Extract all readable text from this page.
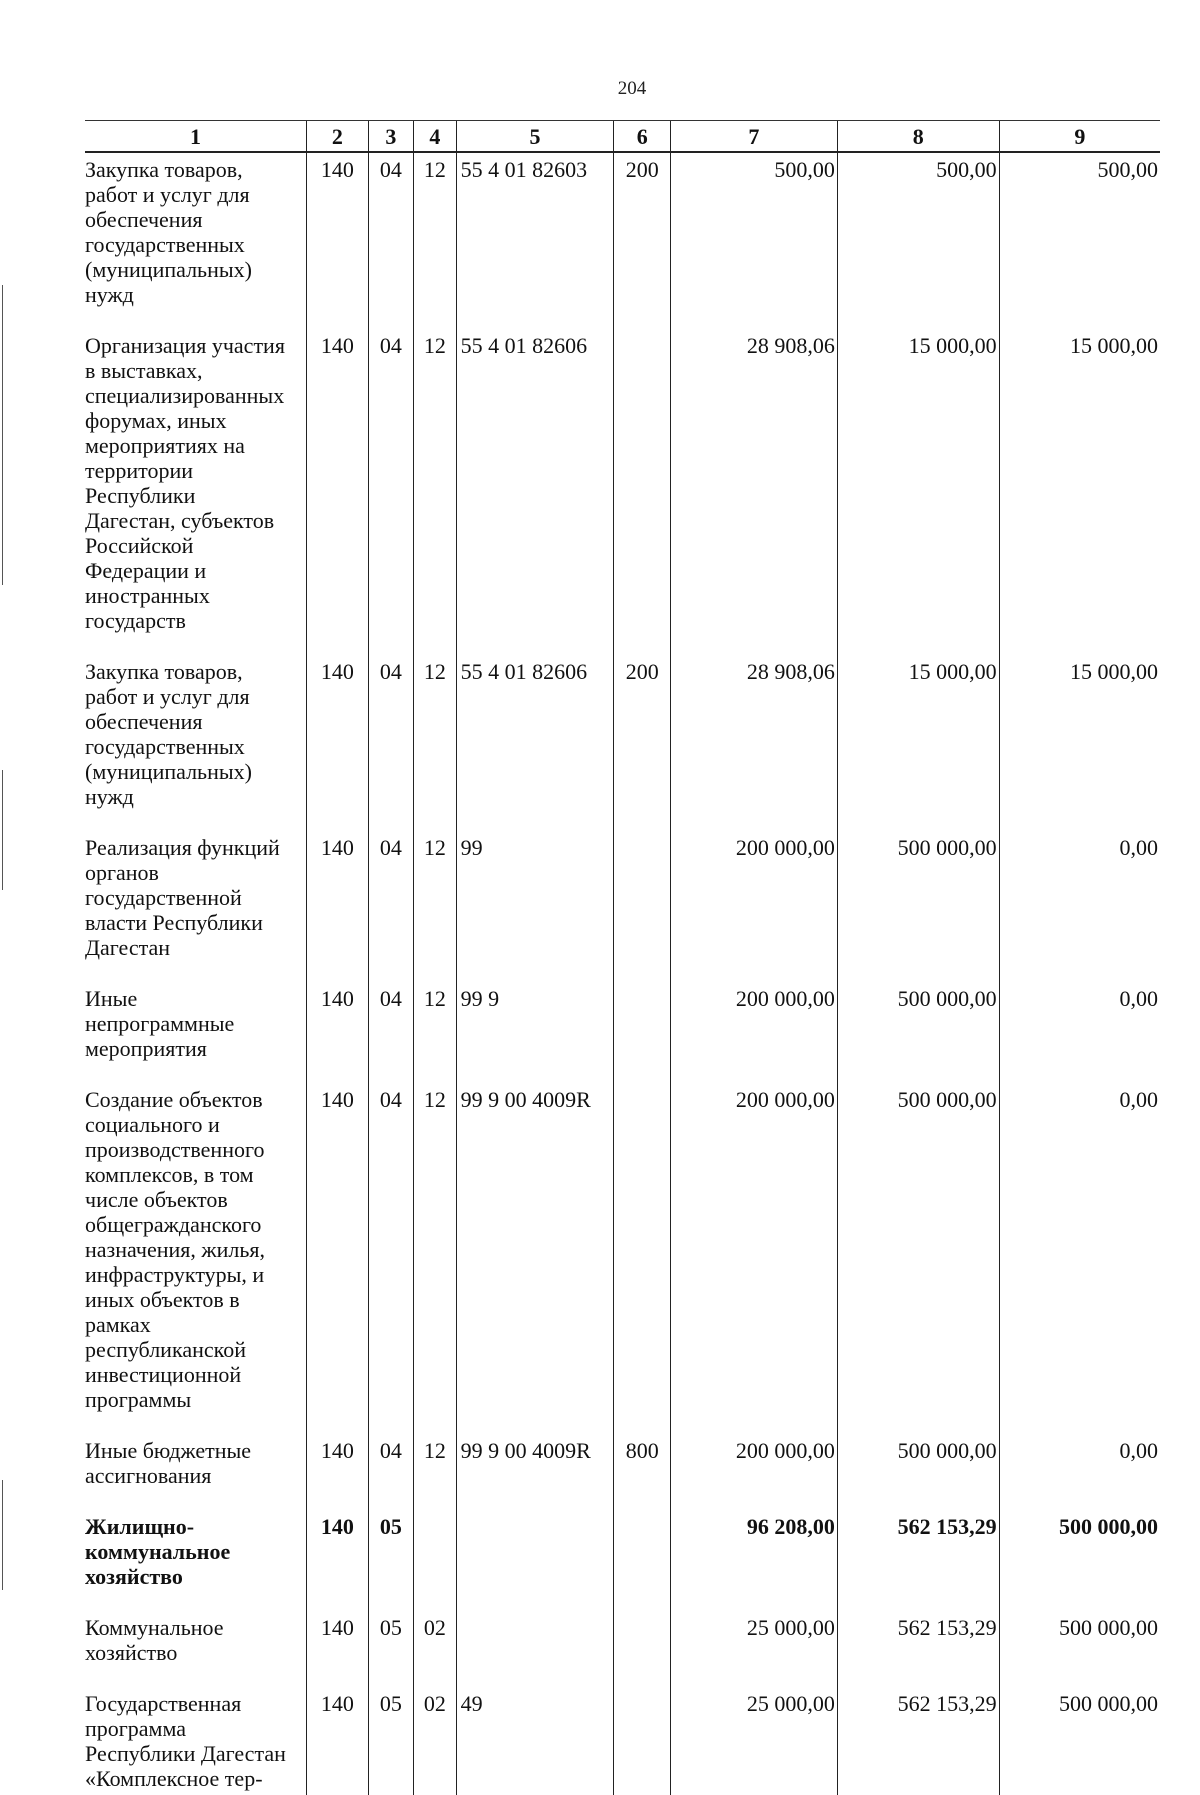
204
1	2	3	4	5	6	7	8	9

Закупка товаров, работ и услуг для обеспечения государственных (муниципальных) нужд	140	04	12	55 4 01 82603	200	500,00	500,00	500,00

Организация участия в выставках, специализированных форумах, иных мероприятиях на территории Республики Дагестан, субъектов Российской Федерации и иностранных государств	140	04	12	55 4 01 82606		28 908,06	15 000,00	15 000,00

Закупка товаров, работ и услуг для обеспечения государственных (муниципальных) нужд	140	04	12	55 4 01 82606	200	28 908,06	15 000,00	15 000,00

Реализация функций органов государственной власти Республики Дагестан	140	04	12	99		200 000,00	500 000,00	0,00

Иные непрограммные мероприятия	140	04	12	99 9		200 000,00	500 000,00	0,00

Создание объектов социального и производственного комплексов, в том числе объектов общегражданского назначения, жилья, инфраструктуры, и иных объектов в рамках республиканской инвестиционной программы	140	04	12	99 9 00 4009R		200 000,00	500 000,00	0,00

Иные бюджетные ассигнования	140	04	12	99 9 00 4009R	800	200 000,00	500 000,00	0,00

Жилищно-коммунальное хозяйство	140	05				96 208,00	562 153,29	500 000,00

Коммунальное хозяйство	140	05	02			25 000,00	562 153,29	500 000,00

Государственная программа Республики Дагестан «Комплексное тер-	140	05	02	49		25 000,00	562 153,29	500 000,00
